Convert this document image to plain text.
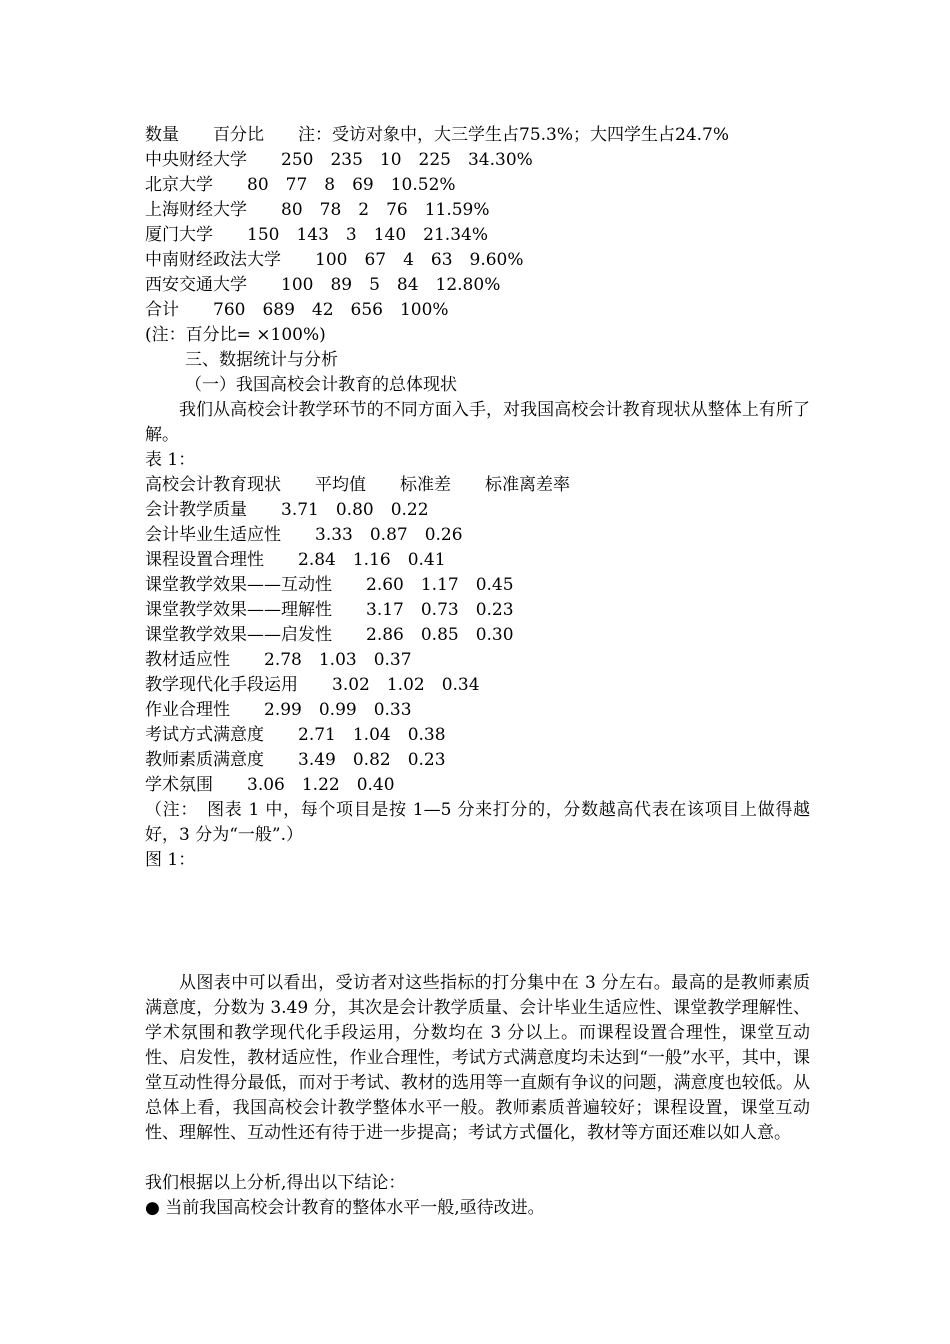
数量　　百分比　　注：受访对象中，大三学生占75.3%；大四学生占24.7%
中央财经大学　　250　235　10　225　34.30%
北京大学　　80　77　8　69　10.52%
上海财经大学　　80　78　2　76　11.59%
厦门大学　　150　143　3　140　21.34%
中南财经政法大学　　100　67　4　63　9.60%
西安交通大学　　100　89　5　84　12.80%
合计　　760　689　42　656　100%
(注：百分比= ×100%)
三、数据统计与分析
（一）我国高校会计教育的总体现状
我们从高校会计教学环节的不同方面入手，对我国高校会计教育现状从整体上有所了解。
表 1：
高校会计教育现状　　平均值　　标准差　　标准离差率
会计教学质量　　3.71　0.80　0.22
会计毕业生适应性　　3.33　0.87　0.26
课程设置合理性　　2.84　1.16　0.41
课堂教学效果——互动性　　2.60　1.17　0.45
课堂教学效果——理解性　　3.17　0.73　0.23
课堂教学效果——启发性　　2.86　0.85　0.30
教材适应性　　2.78　1.03　0.37
教学现代化手段运用　　3.02　1.02　0.34
作业合理性　　2.99　0.99　0.33
考试方式满意度　　2.71　1.04　0.38
教师素质满意度　　3.49　0.82　0.23
学术氛围　　3.06　1.22　0.40
（注：　图表 1 中，每个项目是按 1—5 分来打分的，分数越高代表在该项目上做得越好，3 分为“一般”.）
图 1：
从图表中可以看出，受访者对这些指标的打分集中在 3 分左右。最高的是教师素质满意度，分数为 3.49 分，其次是会计教学质量、会计毕业生适应性、课堂教学理解性、学术氛围和教学现代化手段运用，分数均在 3 分以上。而课程设置合理性，课堂互动性、启发性，教材适应性，作业合理性，考试方式满意度均未达到“一般”水平，其中，课堂互动性得分最低，而对于考试、教材的选用等一直颇有争议的问题，满意度也较低。从总体上看，我国高校会计教学整体水平一般。教师素质普遍较好；课程设置，课堂互动性、理解性、互动性还有待于进一步提高；考试方式僵化，教材等方面还难以如人意。
我们根据以上分析,得出以下结论：
● 当前我国高校会计教育的整体水平一般,亟待改进。
